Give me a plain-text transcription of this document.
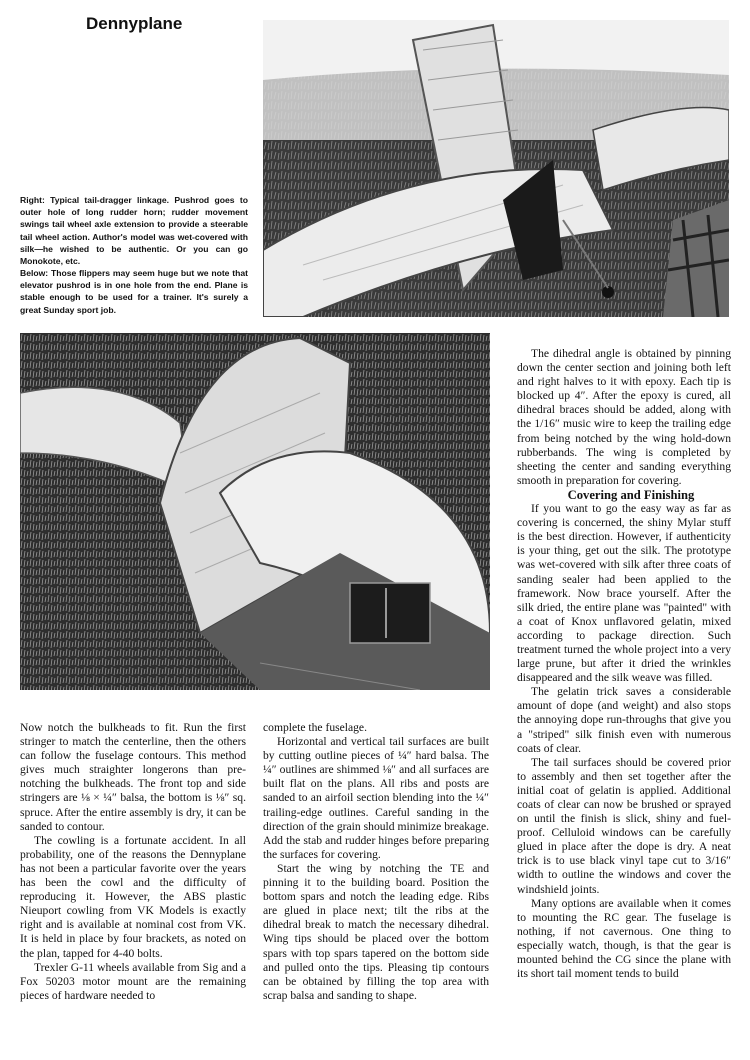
Dennyplane
Right: Typical tail-dragger linkage. Pushrod goes to outer hole of long rudder horn; rudder movement swings tail wheel axle extension to provide a steerable tail wheel action. Author's model was wet-covered with silk—he wished to be authentic. Or you can go Monokote, etc.
Below: Those flippers may seem huge but we note that elevator pushrod is in one hole from the end. Plane is stable enough to be used for a trainer. It's surely a great Sunday sport job.

The dihedral angle is obtained by pinning down the center section and joining both left and right halves to it with epoxy. Each tip is blocked up 4″. After the epoxy is cured, all dihedral braces should be added, along with the 1/16″ music wire to keep the trailing edge from being notched by the wing hold-down rubberbands. The wing is completed by sheeting the center and sanding everything smooth in preparation for covering.

Covering and Finishing

If you want to go the easy way as far as covering is concerned, the shiny Mylar stuff is the best direction. However, if authenticity is your thing, get out the silk. The prototype was wet-covered with silk after three coats of sanding sealer had been applied to the framework. Now brace yourself. After the silk dried, the entire plane was "painted" with a coat of Knox unflavored gelatin, mixed according to package direction. Such treatment turned the whole project into a very large prune, but after it dried the wrinkles disappeared and the silk weave was filled.

The gelatin trick saves a considerable amount of dope (and weight) and also stops the annoying dope run-throughs that give you a "striped" silk finish even with numerous coats of clear.

The tail surfaces should be covered prior to assembly and then set together after the initial coat of gelatin is applied. Additional coats of clear can now be brushed or sprayed on until the finish is slick, shiny and fuel-proof. Celluloid windows can be carefully glued in place after the dope is dry. A neat trick is to use black vinyl tape cut to 3/16″ width to outline the windows and cover the windshield joints.

Many options are available when it comes to mounting the RC gear. The fuselage is nothing, if not cavernous. One thing to especially watch, though, is that the gear is mounted behind the CG since the plane with its short tail moment tends to build

Now notch the bulkheads to fit. Run the first stringer to match the centerline, then the others can follow the fuselage contours. This method gives much straighter longerons than pre-notching the bulkheads. The front top and side stringers are ⅛ × ¼″ balsa, the bottom is ⅛″ sq. spruce. After the entire assembly is dry, it can be sanded to contour.

The cowling is a fortunate accident. In all probability, one of the reasons the Dennyplane has not been a particular favorite over the years has been the cowl and the difficulty of reproducing it. However, the ABS plastic Nieuport cowling from VK Models is exactly right and is available at nominal cost from VK. It is held in place by four brackets, as noted on the plan, tapped for 4-40 bolts.

Trexler G-11 wheels available from Sig and a Fox 50203 motor mount are the remaining pieces of hardware needed to

complete the fuselage.

Horizontal and vertical tail surfaces are built by cutting outline pieces of ¼″ hard balsa. The ¼″ outlines are shimmed ⅛″ and all surfaces are built flat on the plans. All ribs and posts are sanded to an airfoil section blending into the ¼″ trailing-edge outlines. Careful sanding in the direction of the grain should minimize breakage. Add the stab and rudder hinges before preparing the surfaces for covering.

Start the wing by notching the TE and pinning it to the building board. Position the bottom spars and notch the leading edge. Ribs are glued in place next; tilt the ribs at the dihedral break to match the necessary dihedral. Wing tips should be placed over the bottom spars with top spars tapered on the bottom side and pulled onto the tips. Pleasing tip contours can be obtained by filling the top area with scrap balsa and sanding to shape.
